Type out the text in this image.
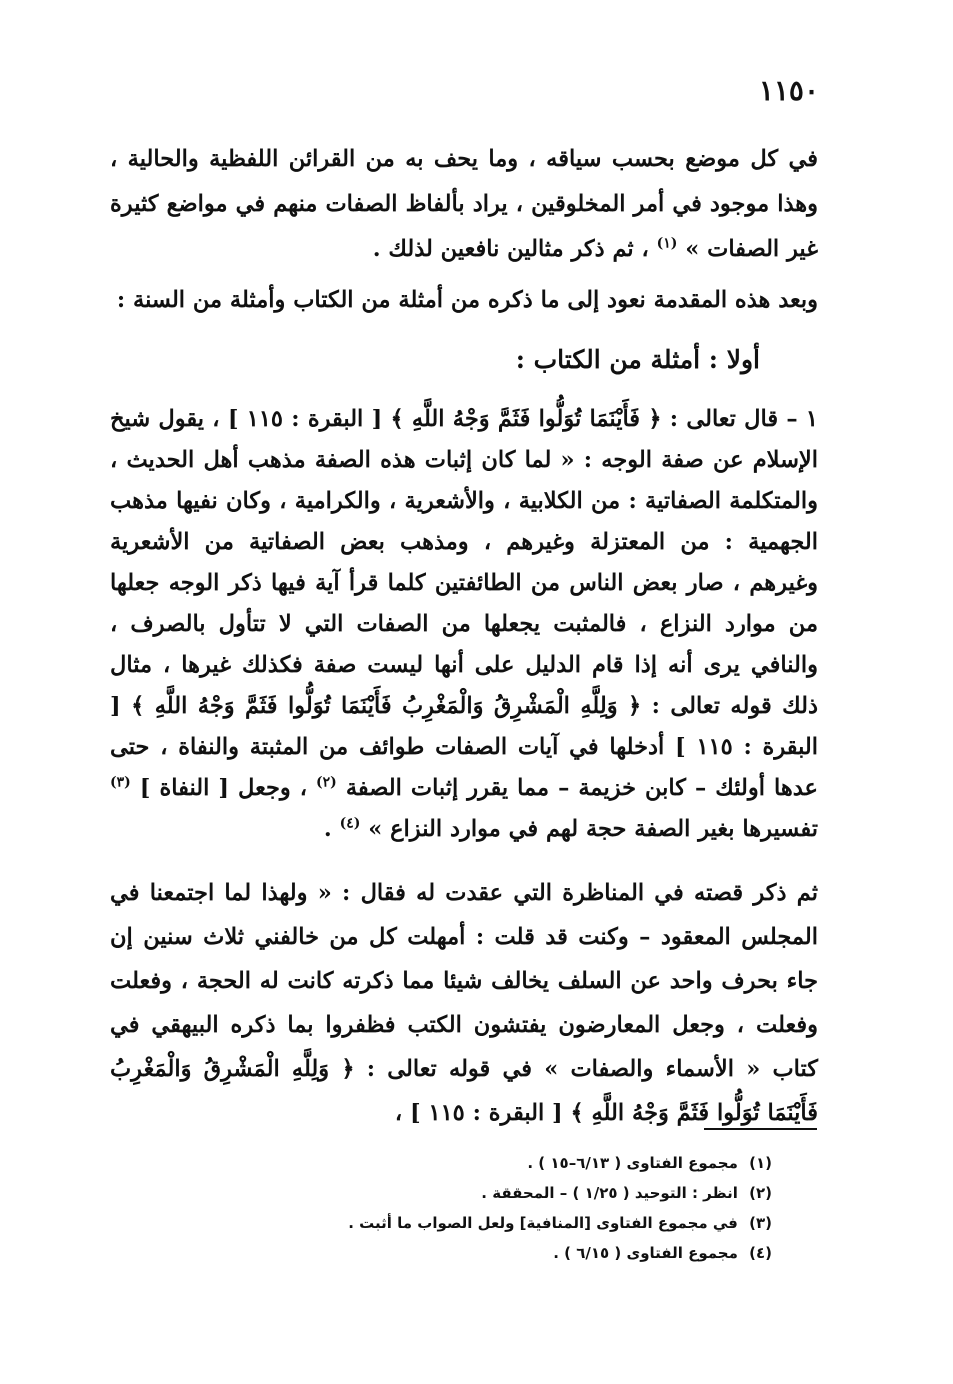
١١٥٠

في كل موضع بحسب سياقه ، وما يحف به من القرائن اللفظية والحالية ، وهذا موجود في أمر المخلوقين ، يراد بألفاظ الصفات منهم في مواضع كثيرة غير الصفات » $^{(١)}$ ، ثم ذكر مثالين نافعين لذلك .

وبعد هذه المقدمة نعود إلى ما ذكره من أمثلة من الكتاب وأمثلة من السنة :

أولا : أمثلة من الكتاب :

١ – قال تعالى : ﴿ فَأَيْنَمَا تُوَلُّوا فَثَمَّ وَجْهُ اللَّهِ ﴾ [ البقرة : ١١٥ ] ، يقول شيخ الإسلام عن صفة الوجه : « لما كان إثبات هذه الصفة مذهب أهل الحديث ، والمتكلمة الصفاتية : من الكلابية ، والأشعرية ، والكرامية ، وكان نفيها مذهب الجهمية : من المعتزلة وغيرهم ، ومذهب بعض الصفاتية من الأشعرية وغيرهم ، صار بعض الناس من الطائفتين كلما قرأ آية فيها ذكر الوجه جعلها من موارد النزاع ، فالمثبت يجعلها من الصفات التي لا تتأول بالصرف ، والنافي يرى أنه إذا قام الدليل على أنها ليست صفة فكذلك غيرها ، مثال ذلك قوله تعالى : ﴿ وَلِلَّهِ الْمَشْرِقُ وَالْمَغْرِبُ فَأَيْنَمَا تُوَلُّوا فَثَمَّ وَجْهُ اللَّهِ ﴾ [ البقرة : ١١٥ ] أدخلها في آيات الصفات طوائف من المثبتة والنفاة ، حتى عدها أولئك – كابن خزيمة – مما يقرر إثبات الصفة $^{(٢)}$ ، وجعل [ النفاة ] $^{(٣)}$ تفسيرها بغير الصفة حجة لهم في موارد النزاع » $^{(٤)}$ .

ثم ذكر قصته في المناظرة التي عقدت له فقال : « ولهذا لما اجتمعنا في المجلس المعقود – وكنت قد قلت : أمهلت كل من خالفني ثلاث سنين إن جاء بحرف واحد عن السلف يخالف شيئا مما ذكرته كانت له الحجة ، وفعلت وفعلت ، وجعل المعارضون يفتشون الكتب فظفروا بما ذكره البيهقي في كتاب « الأسماء والصفات » في قوله تعالى : ﴿ وَلِلَّهِ الْمَشْرِقُ وَالْمَغْرِبُ فَأَيْنَمَا تُوَلُّوا فَثَمَّ وَجْهُ اللَّهِ ﴾ [ البقرة : ١١٥ ] ،

(١) مجموع الفتاوى ( ٦/١٣–١٥ ) .

(٢) انظر : التوحيد ( ١/٢٥ ) – المحققة .

(٣) في مجموع الفتاوى [المنافية] ولعل الصواب ما أثبت .

(٤) مجموع الفتاوى ( ٦/١٥ ) .
